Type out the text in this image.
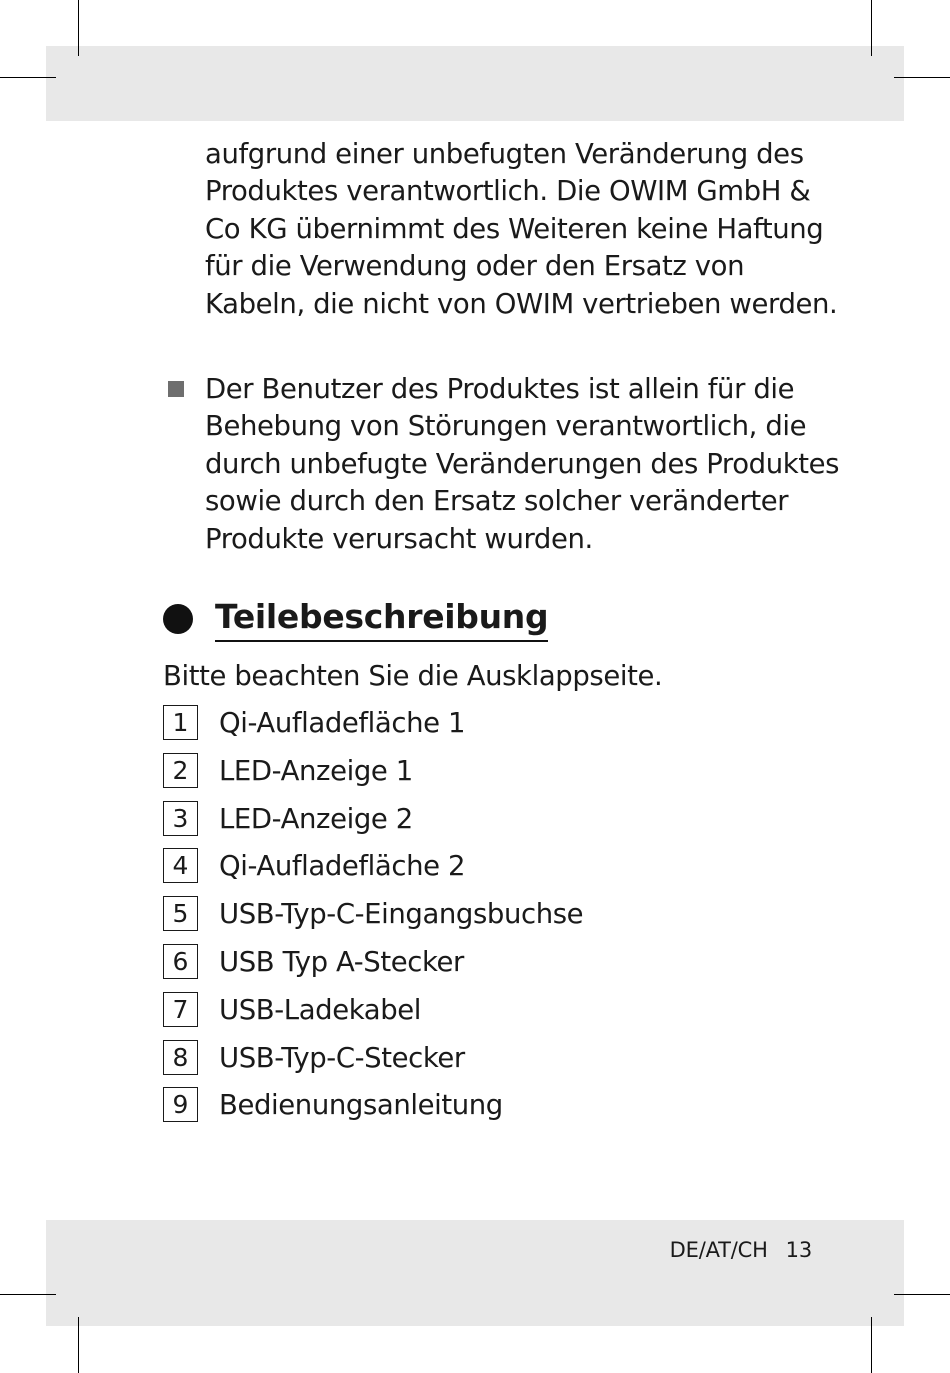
aufgrund einer unbefugten Veränderung des Produktes verantwortlich. Die OWIM GmbH & Co KG übernimmt des Weiteren keine Haftung für die Verwendung oder den Ersatz von Kabeln, die nicht von OWIM vertrieben werden.

Der Benutzer des Produktes ist allein für die Behebung von Störungen verantwortlich, die durch unbefugte Veränderungen des Produktes sowie durch den Ersatz solcher veränderter Produkte verursacht wurden.

Teilebeschreibung

Bitte beachten Sie die Ausklappseite.

1	Qi-Aufladefläche 1
2	LED-Anzeige 1
3	LED-Anzeige 2
4	Qi-Aufladefläche 2
5	USB-Typ-C-Eingangsbuchse
6	USB Typ A-Stecker
7	USB-Ladekabel
8	USB-Typ-C-Stecker
9	Bedienungsanleitung
DE/AT/CH 13
